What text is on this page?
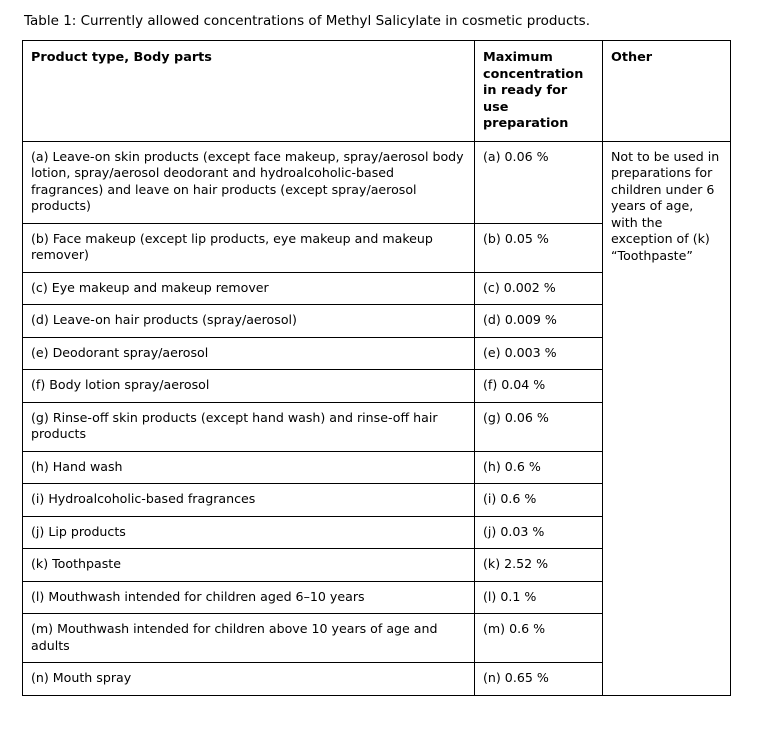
Table 1: Currently allowed concentrations of Methyl Salicylate in cosmetic products.

Product type, Body parts	Maximum concentration in ready for use preparation	Other
(a) Leave-on skin products (except face makeup, spray/aerosol body lotion, spray/aerosol deodorant and hydroalcoholic-based fragrances) and leave on hair products (except spray/aerosol products)	(a) 0.06 %	Not to be used in preparations for children under 6 years of age, with the exception of (k) “Toothpaste”
(b) Face makeup (except lip products, eye makeup and makeup remover)	(b) 0.05 %	
(c) Eye makeup and makeup remover	(c) 0.002 %	
(d) Leave-on hair products (spray/aerosol)	(d) 0.009 %	
(e) Deodorant spray/aerosol	(e) 0.003 %	
(f) Body lotion spray/aerosol	(f) 0.04 %	
(g) Rinse-off skin products (except hand wash) and rinse-off hair products	(g) 0.06 %	
(h) Hand wash	(h) 0.6 %	
(i) Hydroalcoholic-based fragrances	(i) 0.6 %	
(j) Lip products	(j) 0.03 %	
(k) Toothpaste	(k) 2.52 %	
(l) Mouthwash intended for children aged 6–10 years	(l) 0.1 %	
(m) Mouthwash intended for children above 10 years of age and adults	(m) 0.6 %	
(n) Mouth spray	(n) 0.65 %	
